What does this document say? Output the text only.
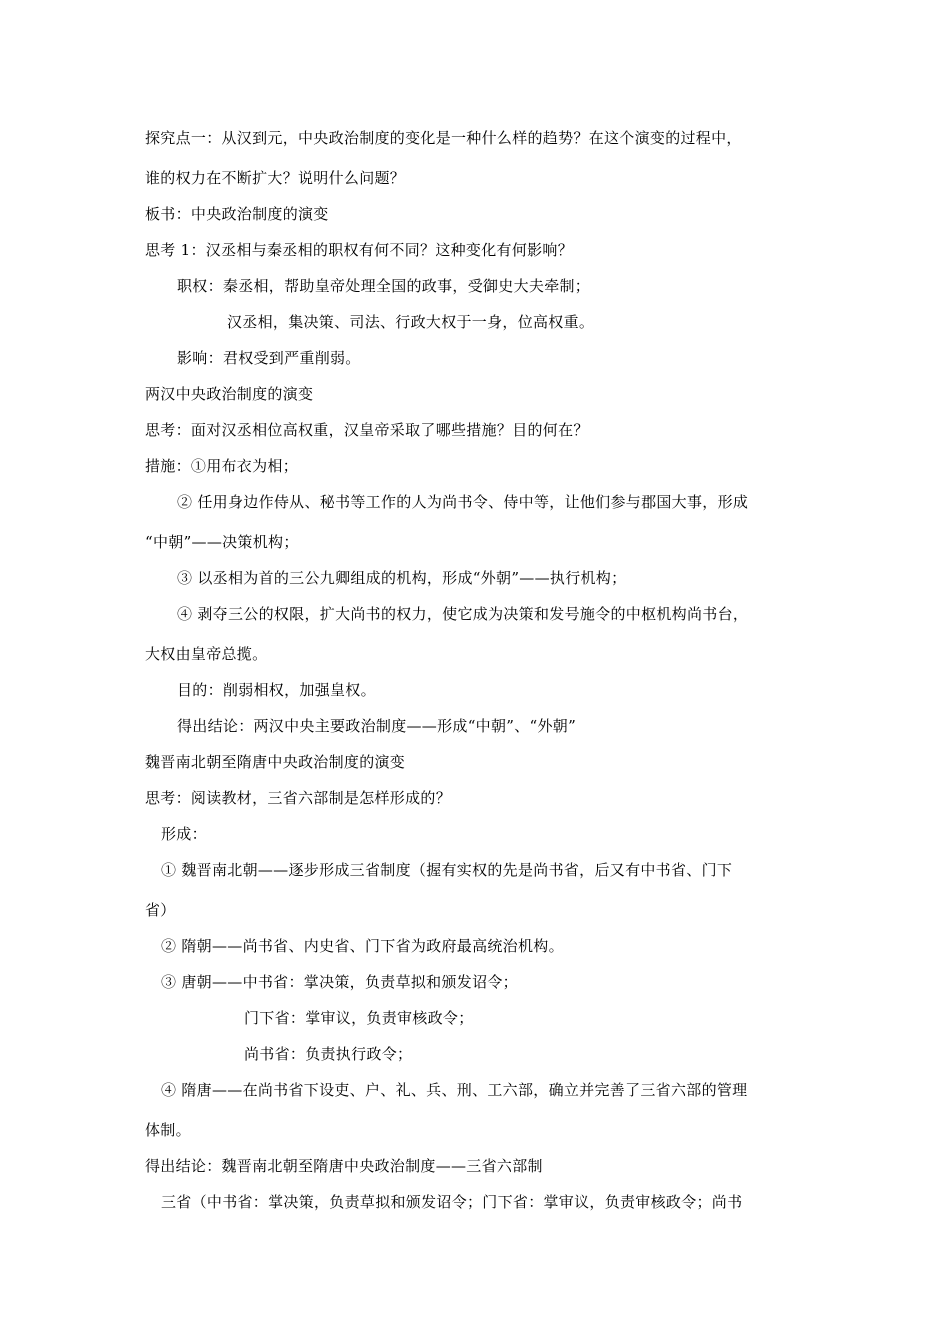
探究点一：从汉到元，中央政治制度的变化是一种什么样的趋势？在这个演变的过程中，
谁的权力在不断扩大？说明什么问题？
板书：中央政治制度的演变
思考 1：汉丞相与秦丞相的职权有何不同？这种变化有何影响？
职权：秦丞相，帮助皇帝处理全国的政事，受御史大夫牵制；
汉丞相，集决策、司法、行政大权于一身，位高权重。
影响：君权受到严重削弱。
两汉中央政治制度的演变
思考：面对汉丞相位高权重，汉皇帝采取了哪些措施？目的何在？
措施：①用布衣为相；
② 任用身边作侍从、秘书等工作的人为尚书令、侍中等，让他们参与郡国大事，形成
“中朝”——决策机构；
③ 以丞相为首的三公九卿组成的机构，形成“外朝”——执行机构；
④ 剥夺三公的权限，扩大尚书的权力，使它成为决策和发号施令的中枢机构尚书台，
大权由皇帝总揽。
目的：削弱相权，加强皇权。
得出结论：两汉中央主要政治制度——形成“中朝”、“外朝”
魏晋南北朝至隋唐中央政治制度的演变
思考：阅读教材，三省六部制是怎样形成的？
形成：
① 魏晋南北朝——逐步形成三省制度（握有实权的先是尚书省，后又有中书省、门下
省）
② 隋朝——尚书省、内史省、门下省为政府最高统治机构。
③ 唐朝——中书省：掌决策，负责草拟和颁发诏令；
门下省：掌审议，负责审核政令；
尚书省：负责执行政令；
④ 隋唐——在尚书省下设吏、户、礼、兵、刑、工六部，确立并完善了三省六部的管理
体制。
得出结论：魏晋南北朝至隋唐中央政治制度——三省六部制
三省（中书省：掌决策，负责草拟和颁发诏令；门下省：掌审议，负责审核政令；尚书
